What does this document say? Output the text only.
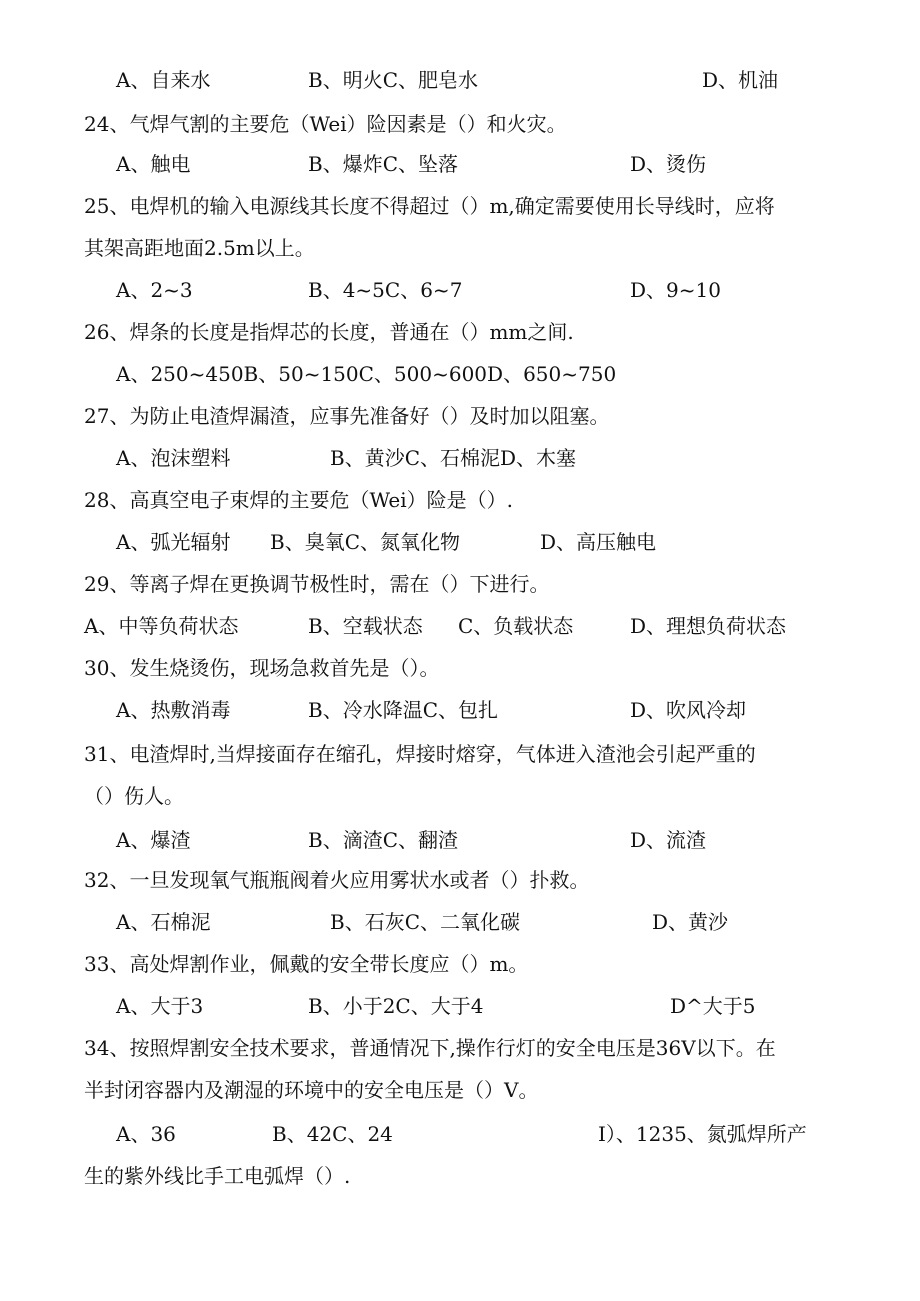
A、自来水	B、明火C、肥皂水	D、机油
24、气焊气割的主要危（Wei）险因素是（）和火灾。
A、触电	B、爆炸C、坠落	D、烫伤
25、电焊机的输入电源线其长度不得超过（）m,确定需要使用长导线时，应将
其架高距地面2.5m以上。
A、2~3	B、4~5C、6~7	D、9~10
26、焊条的长度是指焊芯的长度，普通在（）mm之间.
A、250~450B、50~150C、500~600D、650~750
27、为防止电渣焊漏渣，应事先准备好（）及时加以阻塞。
A、泡沫塑料	B、黄沙C、石棉泥D、木塞
28、高真空电子束焊的主要危（Wei）险是（）.
A、弧光辐射 B、臭氧C、氮氧化物	D、高压触电
29、等离子焊在更换调节极性时，需在（）下进行。
A、中等负荷状态	B、空载状态 C、负载状态	D、理想负荷状态
30、发生烧烫伤，现场急救首先是（）。
A、热敷消毒	B、冷水降温C、包扎	D、吹风冷却
31、电渣焊时,当焊接面存在缩孔，焊接时熔穿，气体进入渣池会引起严重的
（）伤人。
A、爆渣	B、滴渣C、翻渣	D、流渣
32、一旦发现氧气瓶瓶阀着火应用雾状水或者（）扑救。
A、石棉泥	B、石灰C、二氧化碳	D、黄沙
33、高处焊割作业，佩戴的安全带长度应（）m。
A、大于3	B、小于2C、大于4	D^大于5
34、按照焊割安全技术要求，普通情况下,操作行灯的安全电压是36V以下。在
半封闭容器内及潮湿的环境中的安全电压是（）V。
A、36	B、42C、24	I）、1235、氮弧焊所产
生的紫外线比手工电弧焊（）.
